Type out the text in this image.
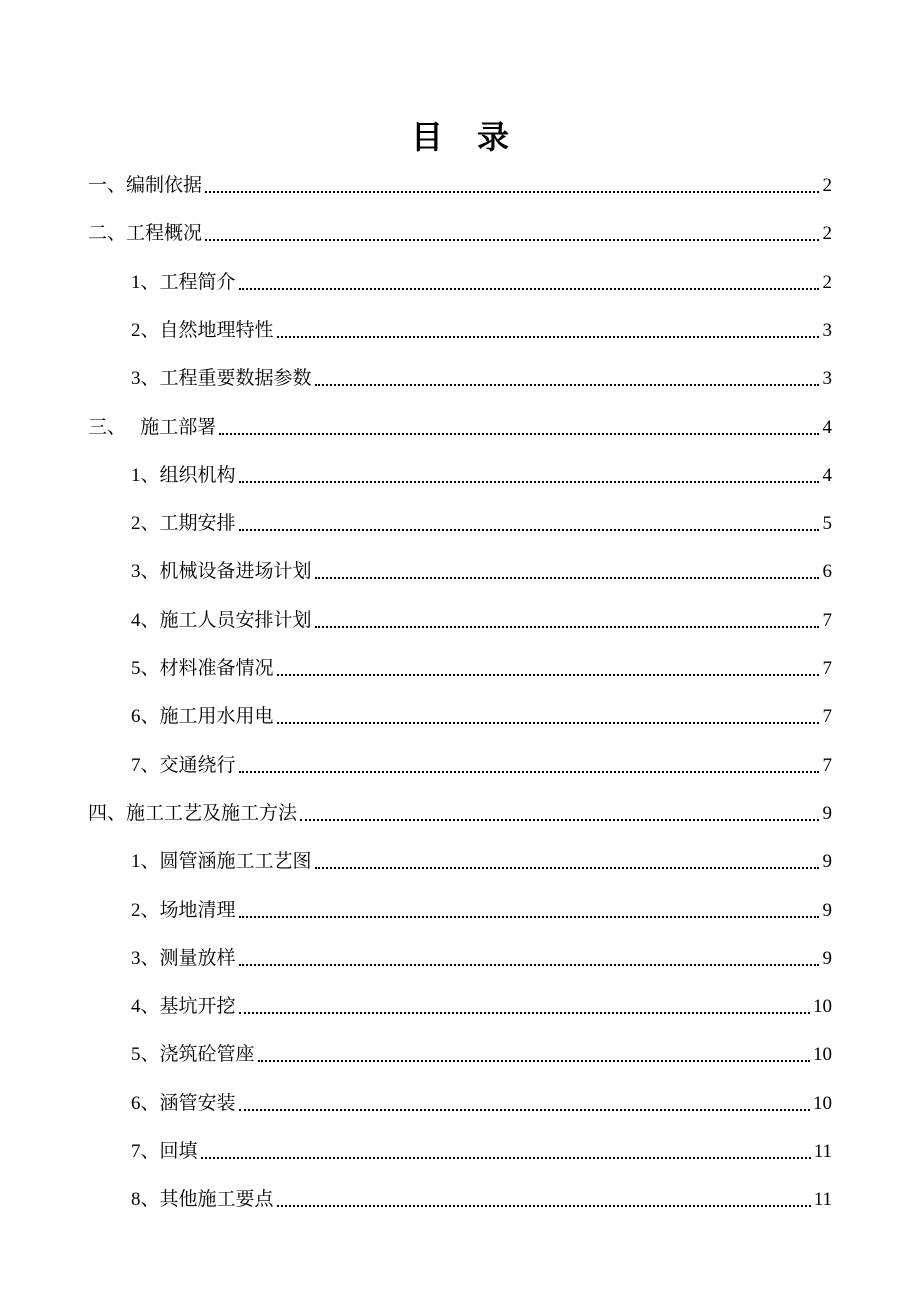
目录
一、编制依据	2
二、工程概况	2
1、工程简介	2
2、自然地理特性	3
3、工程重要数据参数	3
三、   施工部署	4
1、组织机构	4
2、工期安排	5
3、机械设备进场计划	6
4、施工人员安排计划	7
5、材料准备情况	7
6、施工用水用电	7
7、交通绕行	7
四、施工工艺及施工方法	9
1、圆管涵施工工艺图	9
2、场地清理	9
3、测量放样	9
4、基坑开挖	10
5、浇筑砼管座	10
6、涵管安装	10
7、回填	11
8、其他施工要点	11
